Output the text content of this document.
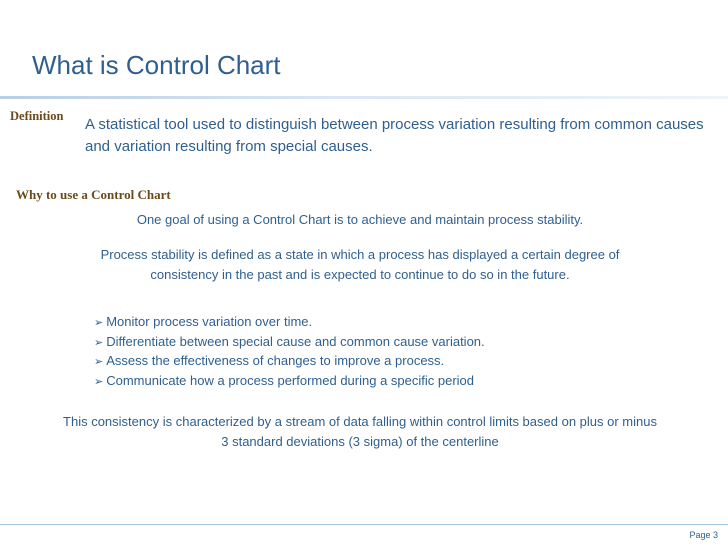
What is Control Chart
Definition A statistical tool used to distinguish between process variation resulting from common causes and variation resulting from special causes.
Why to use a Control Chart
One goal of using a Control Chart is to achieve and maintain process stability.
Process stability is defined as a state in which a process has displayed a certain degree of consistency in the past and is expected to continue to do so in the future.
➢ Monitor process variation over time.
➢ Differentiate between special cause and common cause variation.
➢ Assess the effectiveness of changes to improve a process.
➢ Communicate how a process performed during a specific period
This consistency is characterized by a stream of data falling within control limits based on plus or minus 3 standard deviations (3 sigma) of the centerline
Page 3
